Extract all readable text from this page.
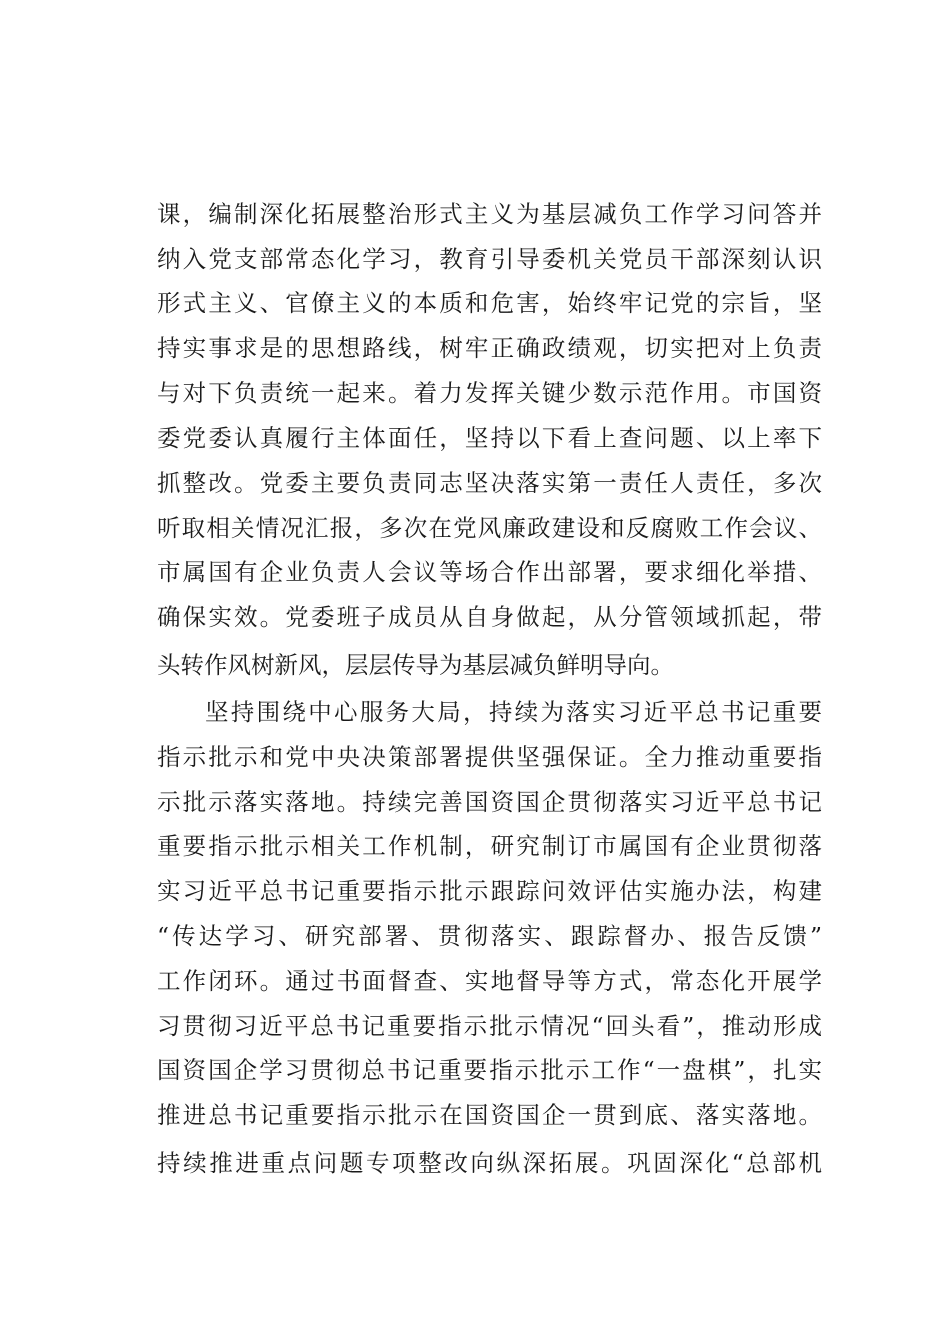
课，编制深化拓展整治形式主义为基层减负工作学习问答并
纳入党支部常态化学习，教育引导委机关党员干部深刻认识
形式主义、官僚主义的本质和危害，始终牢记党的宗旨，坚
持实事求是的思想路线，树牢正确政绩观，切实把对上负责
与对下负责统一起来。着力发挥关键少数示范作用。市国资
委党委认真履行主体面任，坚持以下看上查问题、以上率下
抓整改。党委主要负责同志坚决落实第一责任人责任，多次
听取相关情况汇报，多次在党风廉政建设和反腐败工作会议、
市属国有企业负责人会议等场合作出部署，要求细化举措、
确保实效。党委班子成员从自身做起，从分管领域抓起，带
头转作风树新风，层层传导为基层减负鲜明导向。
坚持围绕中心服务大局，持续为落实习近平总书记重要
指示批示和党中央决策部署提供坚强保证。全力推动重要指
示批示落实落地。持续完善国资国企贯彻落实习近平总书记
重要指示批示相关工作机制，研究制订市属国有企业贯彻落
实习近平总书记重要指示批示跟踪问效评估实施办法，构建
“传达学习、研究部署、贯彻落实、跟踪督办、报告反馈”
工作闭环。通过书面督查、实地督导等方式，常态化开展学
习贯彻习近平总书记重要指示批示情况“回头看”，推动形成
国资国企学习贯彻总书记重要指示批示工作“一盘棋”，扎实
推进总书记重要指示批示在国资国企一贯到底、落实落地。
持续推进重点问题专项整改向纵深拓展。巩固深化“总部机
